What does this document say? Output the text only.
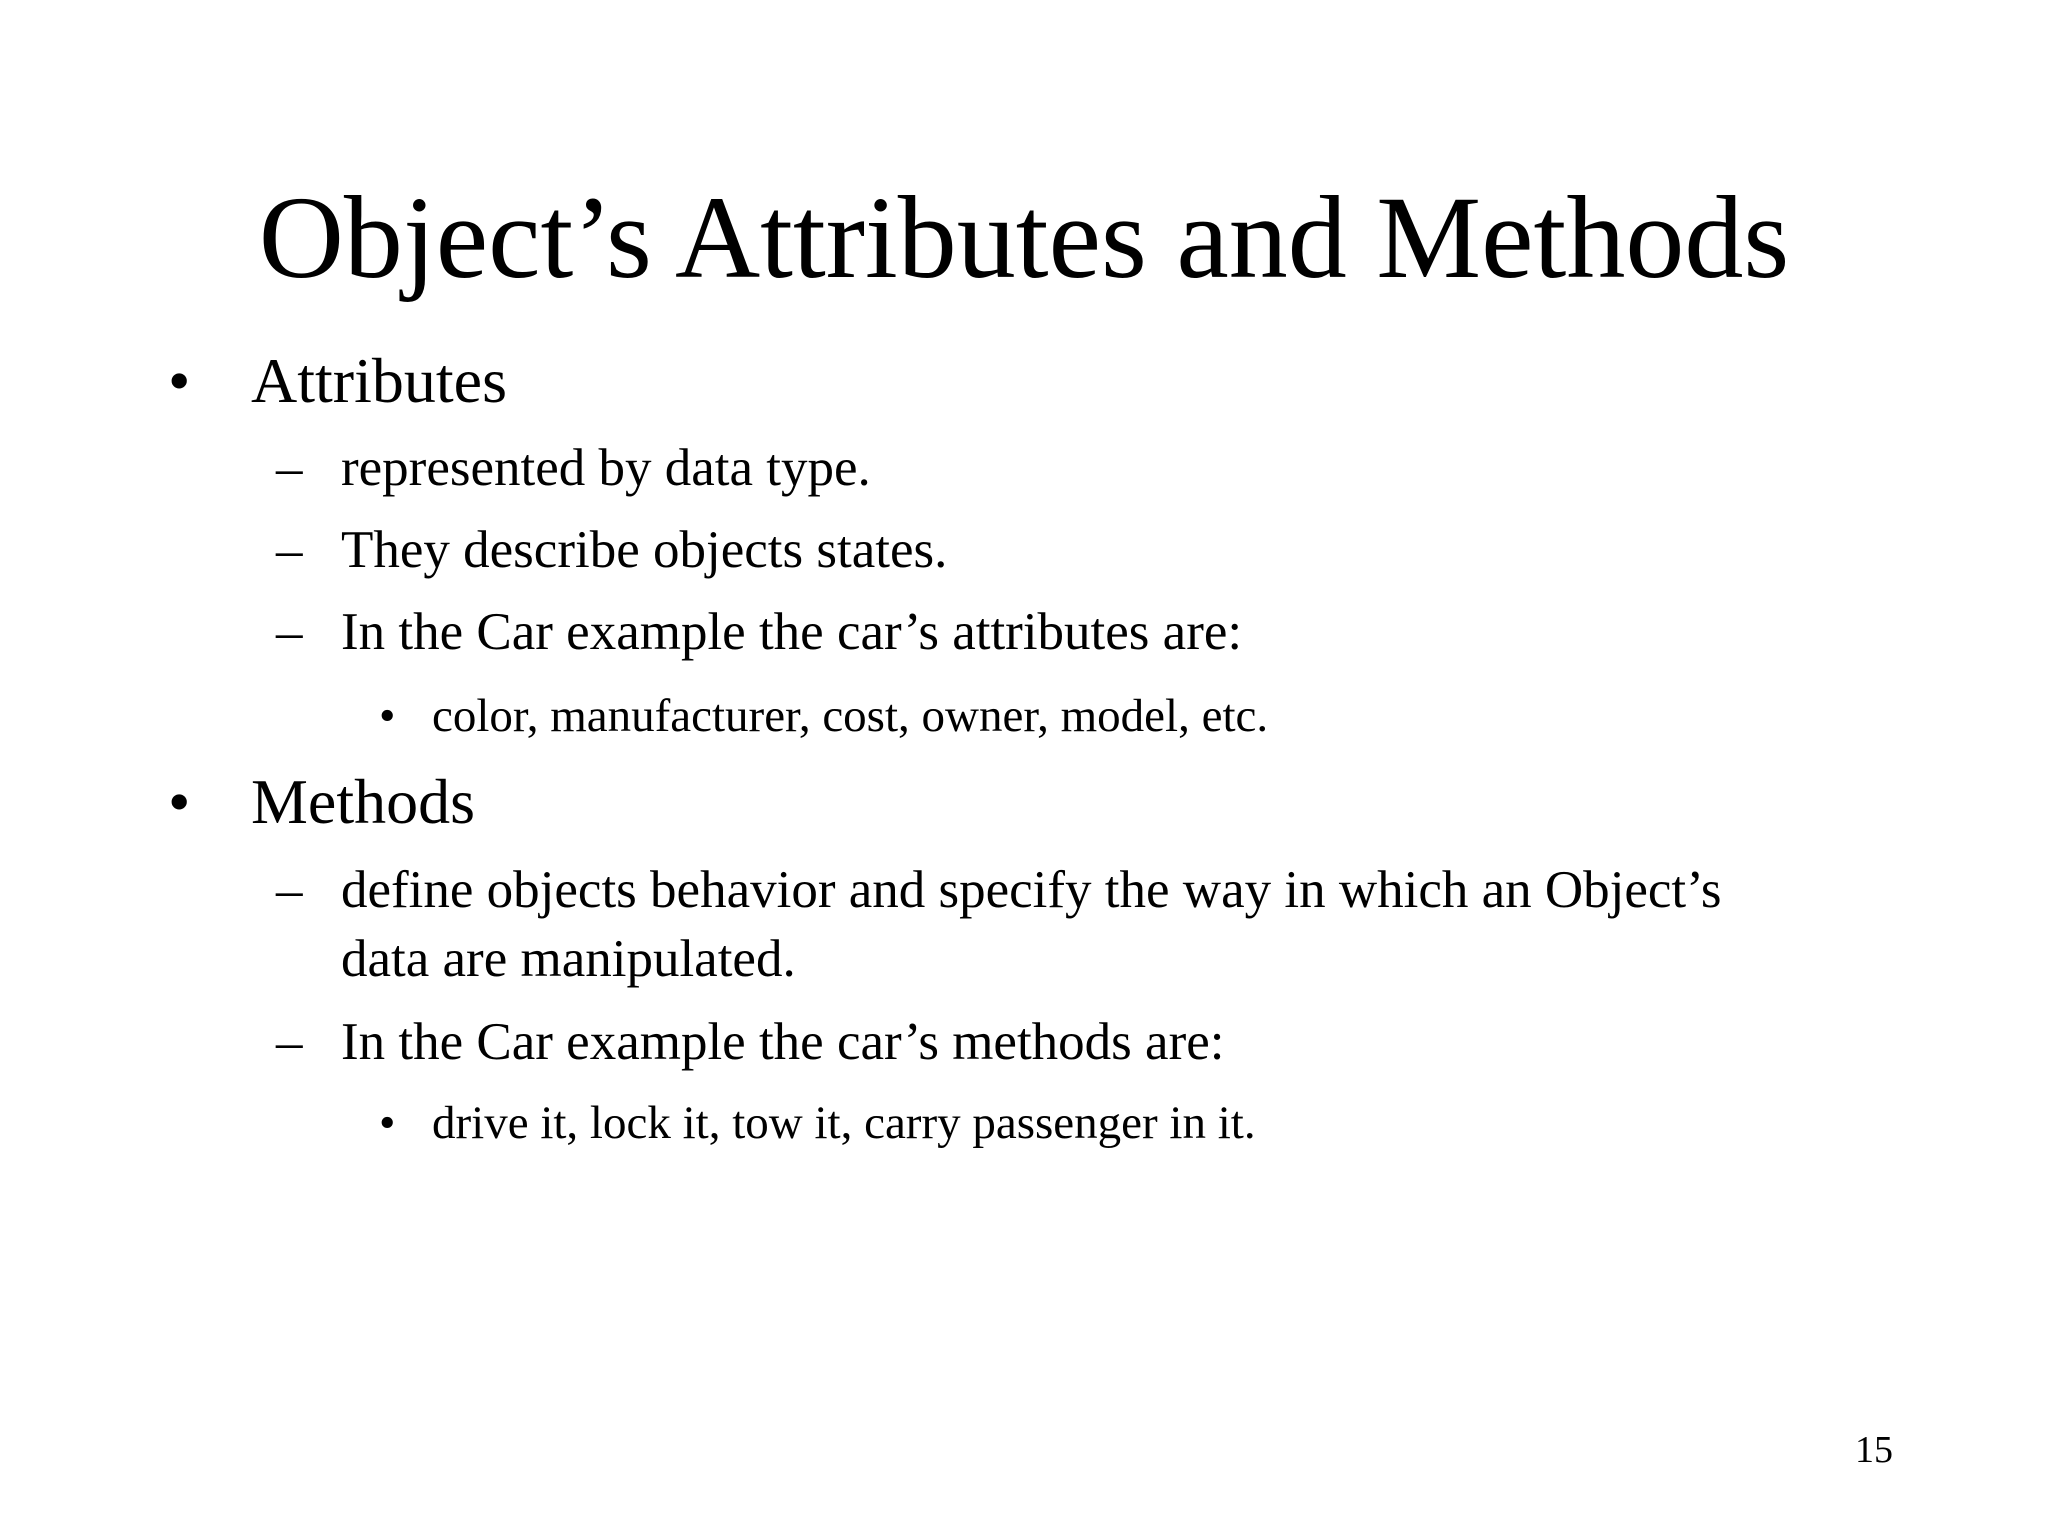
Object’s Attributes and Methods
• Attributes
– represented by data type.
– They describe objects states.
– In the Car example the car’s attributes are:
• color, manufacturer, cost, owner, model, etc.
• Methods
– define objects behavior and specify the way in which an Object’s
data are manipulated.
– In the Car example the car’s methods are:
• drive it, lock it, tow it, carry passenger in it.
15
